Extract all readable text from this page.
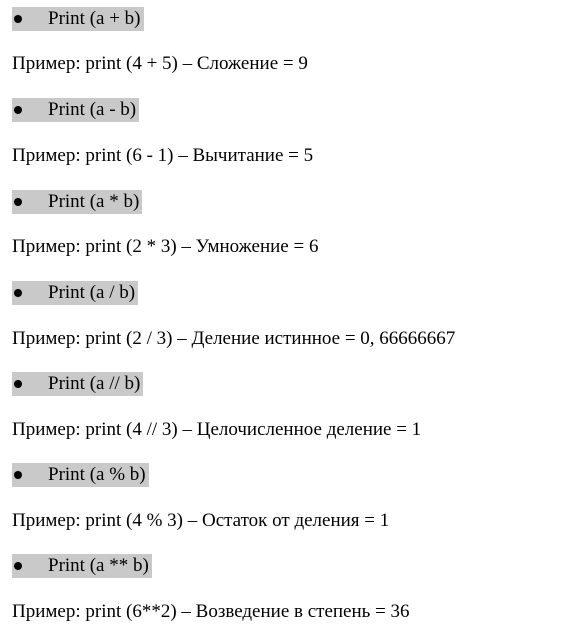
Print (a + b)
Пример: print (4 + 5) – Сложение = 9
Print (a - b)
Пример: print (6 - 1) – Вычитание = 5
Print (a * b)
Пример: print (2 * 3) – Умножение = 6
Print (a / b)
Пример: print (2 / 3) – Деление истинное = 0, 66666667
Print (a // b)
Пример: print (4 // 3) – Целочисленное деление = 1
Print (a % b)
Пример: print (4 % 3) – Остаток от деления = 1
Print (a ** b)
Пример: print (6**2) – Возведение в степень = 36
